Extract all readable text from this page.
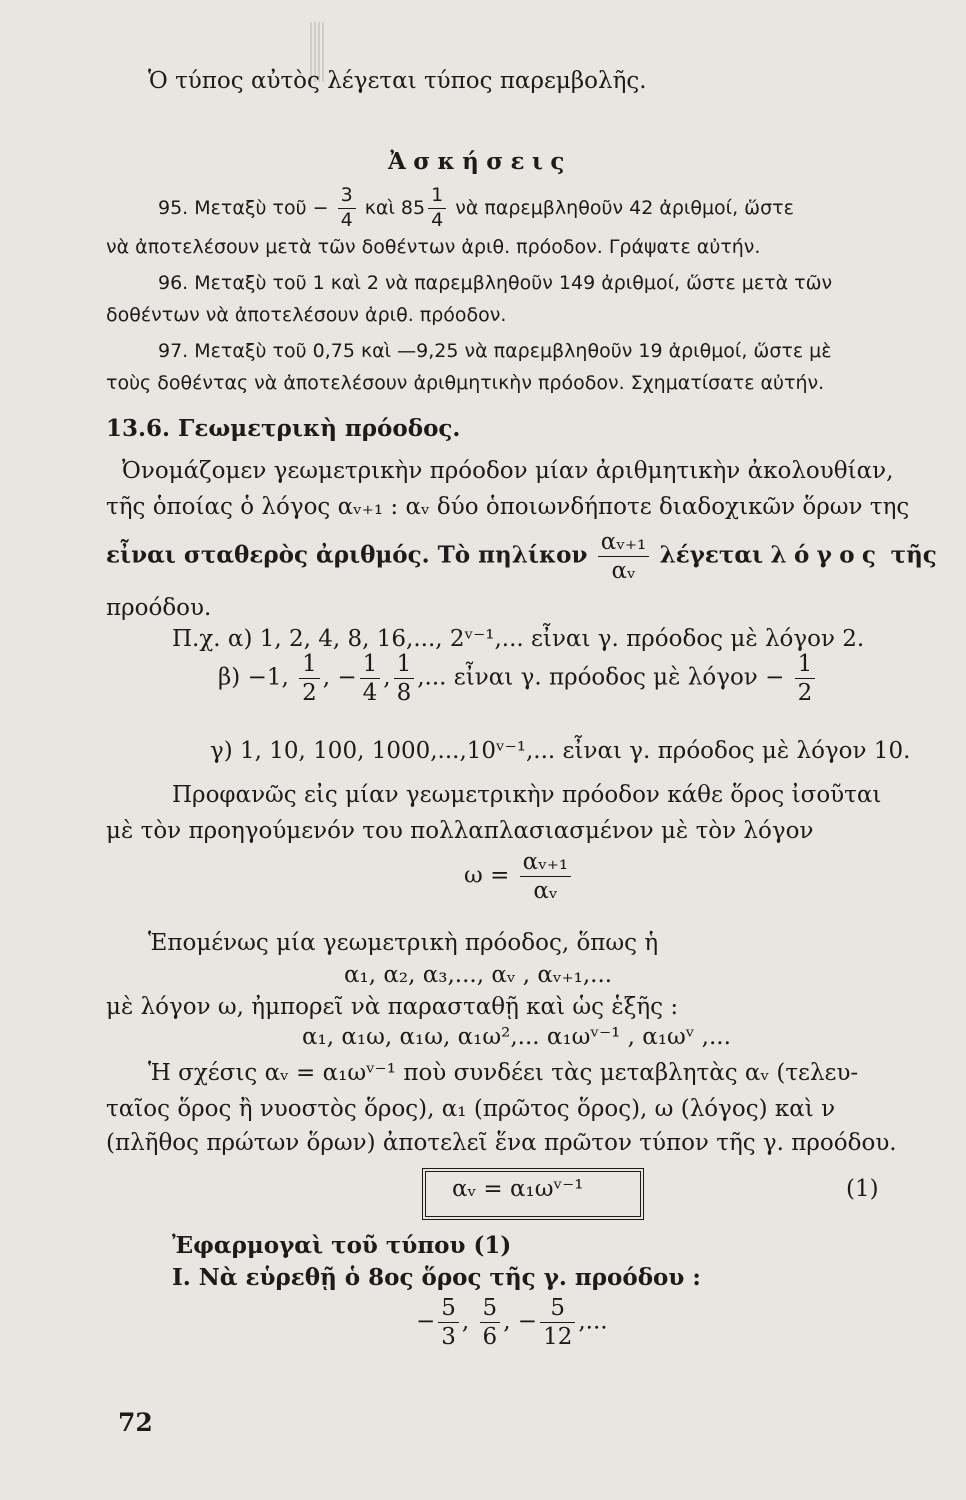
Ὁ τύπος αὐτὸς λέγεται τύπος παρεμβολῆς.
Ἀσκήσεις
95. Μεταξὺ τοῦ − $\frac{3}{4}$ καὶ $85 \frac{1}{4}$ νὰ παρεμβληθοῦν 42 ἀριθμοί, ὥστε
νὰ ἀποτελέσουν μετὰ τῶν δοθέντων ἀριθ. πρόοδον. Γράψατε αὐτήν.
96. Μεταξὺ τοῦ 1 καὶ 2 νὰ παρεμβληθοῦν 149 ἀριθμοί, ὥστε μετὰ τῶν
δοθέντων νὰ ἀποτελέσουν ἀριθ. πρόοδον.
97. Μεταξὺ τοῦ 0,75 καὶ —9,25 νὰ παρεμβληθοῦν 19 ἀριθμοί, ὥστε μὲ
τοὺς δοθέντας νὰ ἀποτελέσουν ἀριθμητικὴν πρόοδον. Σχηματίσατε αὐτήν.
13.6. Γεωμετρικὴ πρόοδος.
Ὀνομάζομεν γεωμετρικὴν πρόοδον μίαν ἀριθμητικὴν ἀκολουθίαν,
τῆς ὁποίας ὁ λόγος αᵥ₊₁ : αᵥ δύο ὁποιωνδήποτε διαδοχικῶν ὅρων της
εἶναι σταθερὸς ἀριθμός. Τὸ πηλίκον $\frac{\text{αᵥ₊₁}}{\text{αᵥ}}$ λέγεται λόγος τῆς
προόδου.
Π.χ. α) 1, 2, 4, 8, 16,..., 2ᵛ⁻¹,... εἶναι γ. πρόοδος μὲ λόγον 2.
β) −1, $\frac{1}{2}$ , − $\frac{1}{4}$ , $\frac{1}{8}$ ,... εἶναι γ. πρόοδος μὲ $\lambda ό\gamma o\nu - \frac{1}{2}$
γ) 1, 10, 100, 1000,...,10ᵛ⁻¹,... εἶναι γ. πρόοδος μὲ λόγον 10.
Προφανῶς εἰς μίαν γεωμετρικὴν πρόοδον κάθε ὅρος ἰσοῦται
μὲ τὸν προηγούμενόν του πολλαπλασιασμένον μὲ τὸν λόγον
$\omega = \frac{\text{αᵥ₊₁}}{\text{αᵥ}}$
Ἑπομένως μία γεωμετρικὴ πρόοδος, ὅπως ἡ
α₁, α₂, α₃,..., αᵥ , αᵥ₊₁,...
μὲ λόγον ω, ἠμπορεῖ νὰ παρασταθῇ καὶ ὡς ἑξῆς :
α₁, α₁ω, α₁ω, α₁ω²,... α₁ωᵛ⁻¹ , α₁ωᵛ ,...
Ἡ σχέσις αᵥ = α₁ωᵛ⁻¹ ποὺ συνδέει τὰς μεταβλητὰς αᵥ (τελευ-
ταῖος ὅρος ἢ νυοστὸς ὅρος), α₁ (πρῶτος ὅρος), ω (λόγος) καὶ ν
(πλῆθος πρώτων ὅρων) ἀποτελεῖ ἕνα πρῶτον τύπον τῆς γ. προόδου.
αᵥ = α₁ωᵛ⁻¹	(1)
Ἐφαρμογαὶ τοῦ τύπου (1)
I. Νὰ εὑρεθῇ ὁ 8ος ὅρος τῆς γ. προόδου :
− $\frac{5}{3}$ , $\frac{5}{6}$ , − $\frac{5}{12}$ ,...
72
